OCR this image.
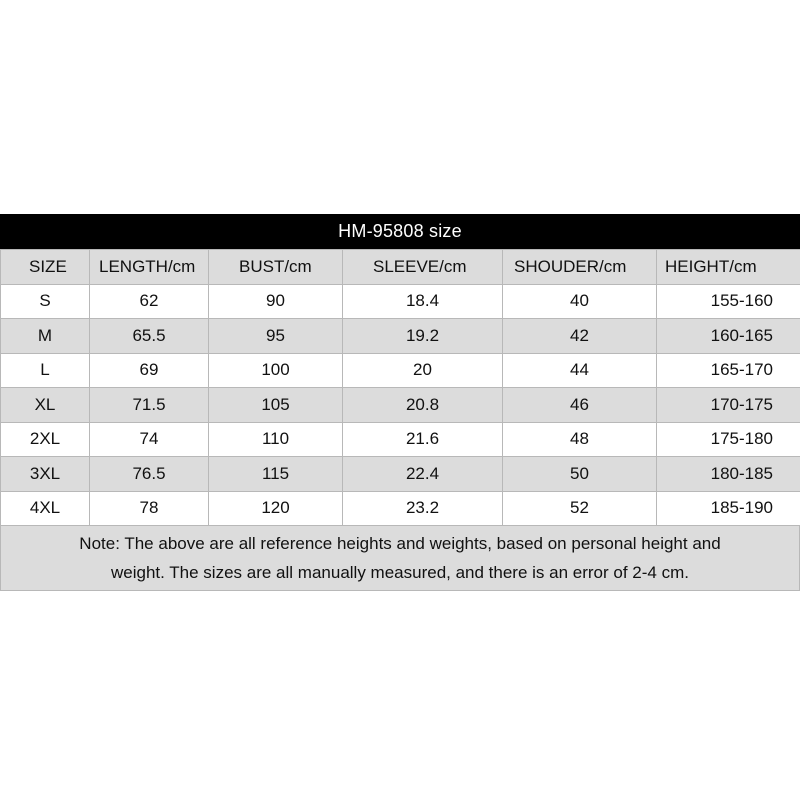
HM-95808 size
SIZE	LENGTH/cm	BUST/cm	SLEEVE/cm	SHOUDER/cm	HEIGHT/cm
S	62	90	18.4	40	155-160
M	65.5	95	19.2	42	160-165
L	69	100	20	44	165-170
XL	71.5	105	20.8	46	170-175
2XL	74	110	21.6	48	175-180
3XL	76.5	115	22.4	50	180-185
4XL	78	120	23.2	52	185-190
Note: The above are all reference heights and weights, based on personal height and
weight. The sizes are all manually measured, and there is an error of 2-4 cm.
